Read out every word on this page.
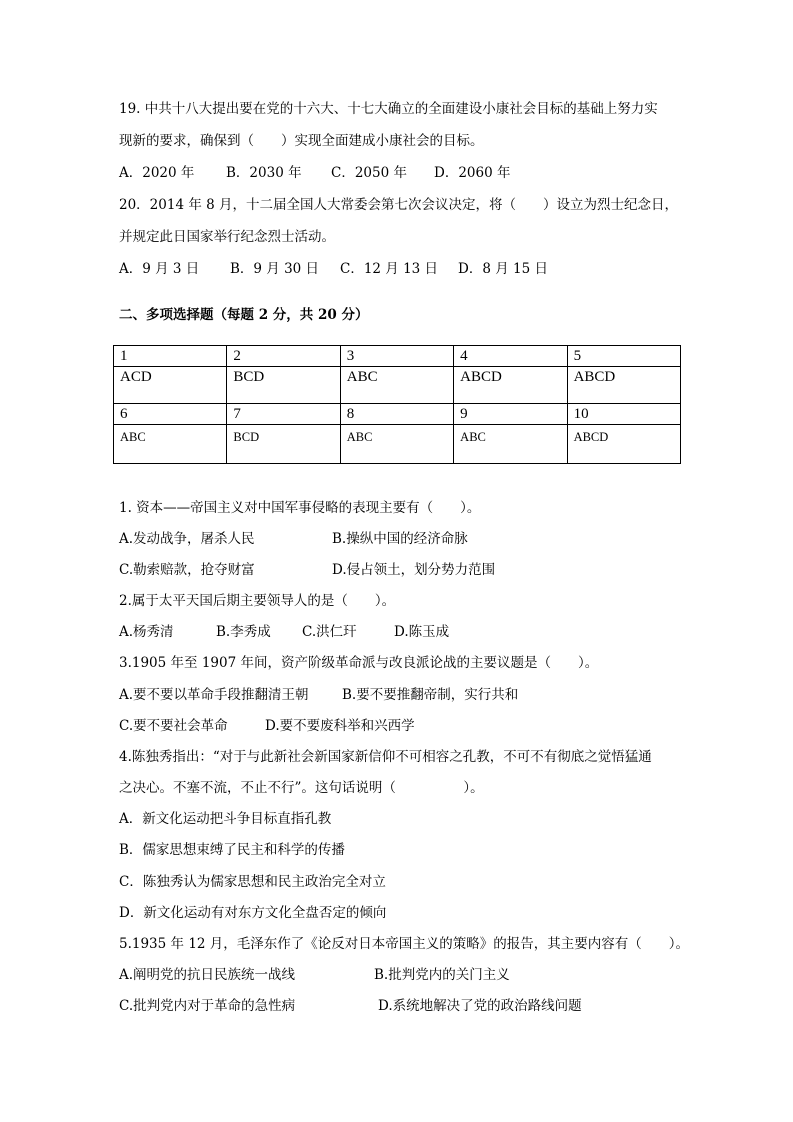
19. 中共十八大提出要在党的十六大、十七大确立的全面建设小康社会目标的基础上努力实
现新的要求，确保到（　　）实现全面建成小康社会的目标。
A．2020 年 B．2030 年 C．2050 年 D．2060 年
20．2014 年 8 月，十二届全国人大常委会第七次会议决定，将（　　）设立为烈士纪念日，
并规定此日国家举行纪念烈士活动。
A．9 月 3 日 B．9 月 30 日 C．12 月 13 日 D．8 月 15 日
二、多项选择题（每题 2 分，共 20 分）
1	2	3	4	5
ACD	BCD	ABC	ABCD	ABCD
6	7	8	9	10
ABC	BCD	ABC	ABC	ABCD
1. 资本——帝国主义对中国军事侵略的表现主要有（　　）。
A.发动战争，屠杀人民	B.操纵中国的经济命脉
C.勒索赔款，抢夺财富	D.侵占领土，划分势力范围
2.属于太平天国后期主要领导人的是（　　）。
A.杨秀清	B.李秀成 C.洪仁玕	D.陈玉成
3.1905 年至 1907 年间，资产阶级革命派与改良派论战的主要议题是（　　）。
A.要不要以革命手段推翻清王朝 B.要不要推翻帝制，实行共和
C.要不要社会革命	D.要不要废科举和兴西学
4.陈独秀指出：“对于与此新社会新国家新信仰不可相容之孔教，不可不有彻底之觉悟猛通
之决心。不塞不流，不止不行”。这句话说明（　　　　　）。
A．新文化运动把斗争目标直指孔教
B．儒家思想束缚了民主和科学的传播
C．陈独秀认为儒家思想和民主政治完全对立
D．新文化运动有对东方文化全盘否定的倾向
5.1935 年 12 月，毛泽东作了《论反对日本帝国主义的策略》的报告，其主要内容有（　　）。
A.阐明党的抗日民族统一战线	B.批判党内的关门主义
C.批判党内对于革命的急性病	D.系统地解决了党的政治路线问题
